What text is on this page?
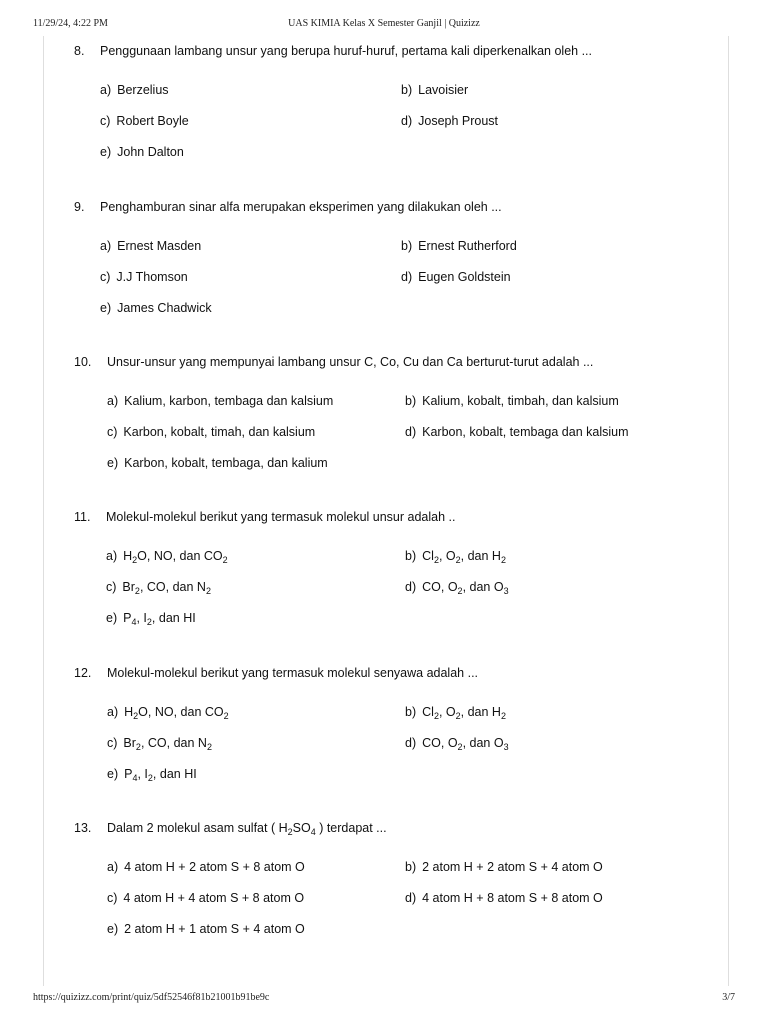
11/29/24, 4:22 PM	UAS KIMIA Kelas X Semester Ganjil | Quizizz
8. Penggunaan lambang unsur yang berupa huruf-huruf, pertama kali diperkenalkan oleh ...
a) Berzelius	b) Lavoisier
c) Robert Boyle	d) Joseph Proust
e) John Dalton
9. Penghamburan sinar alfa merupakan eksperimen yang dilakukan oleh ...
a) Ernest Masden	b) Ernest Rutherford
c) J.J Thomson	d) Eugen Goldstein
e) James Chadwick
10. Unsur-unsur yang mempunyai lambang unsur C, Co, Cu dan Ca berturut-turut adalah ...
a) Kalium, karbon, tembaga dan kalsium	b) Kalium, kobalt, timbah, dan kalsium
c) Karbon, kobalt, timah, dan kalsium	d) Karbon, kobalt, tembaga dan kalsium
e) Karbon, kobalt, tembaga, dan kalium
11. Molekul-molekul berikut yang termasuk molekul unsur adalah ..
a) $H_2O$, NO, dan $CO_2$	b) $Cl_2$, $O_2$, dan $H_2$
c) $Br_2$, CO, dan $N_2$	d) CO, $O_2$, dan $O_3$
e) $P_4$, $I_2$, dan HI
12. Molekul-molekul berikut yang termasuk molekul senyawa adalah ...
a) $H_2O$, NO, dan $CO_2$	b) $Cl_2$, $O_2$, dan $H_2$
c) $Br_2$, CO, dan $N_2$	d) CO, $O_2$, dan $O_3$
e) $P_4$, $I_2$, dan HI
13. Dalam 2 molekul asam sulfat ( $H_2SO_4$ ) terdapat ...
a) 4 atom H + 2 atom S + 8 atom O	b) 2 atom H + 2 atom S + 4 atom O
c) 4 atom H + 4 atom S + 8 atom O	d) 4 atom H + 8 atom S + 8 atom O
e) 2 atom H + 1 atom S + 4 atom O
https://quizizz.com/print/quiz/5df52546f81b21001b91be9c	3/7
